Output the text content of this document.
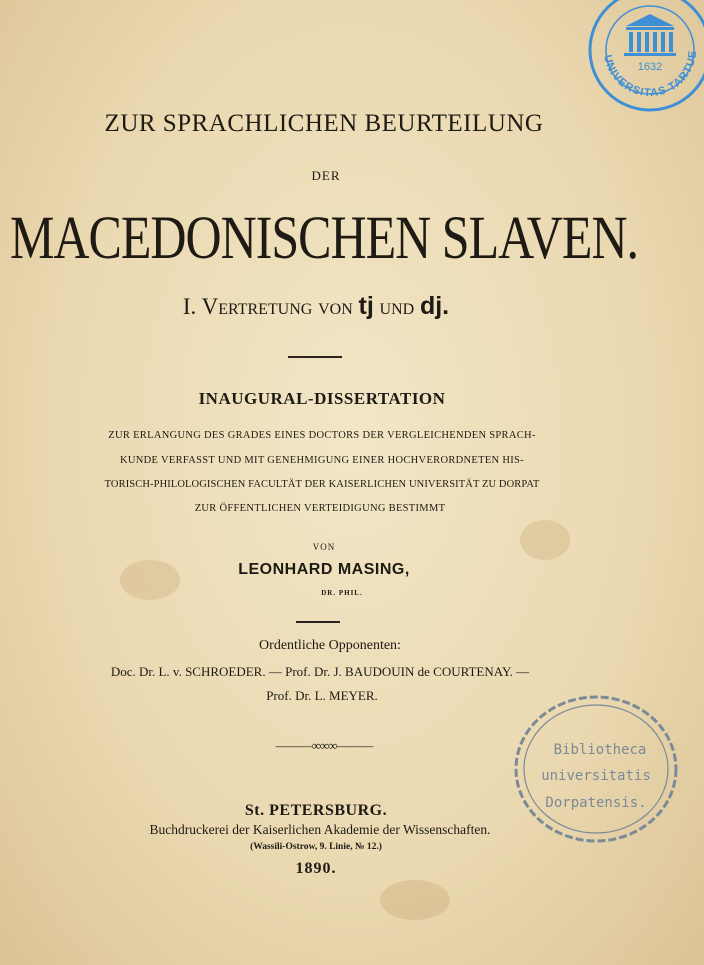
UNIVERSITAS TARTUE
1632
ZUR SPRACHLICHEN BEURTEILUNG
DER
MACEDONISCHEN SLAVEN.
I. Vertretung von tj und dj.
INAUGURAL-DISSERTATION
ZUR ERLANGUNG DES GRADES EINES DOCTORS DER VERGLEICHENDEN SPRACH-
KUNDE VERFASST UND MIT GENEHMIGUNG EINER HOCHVERORDNETEN HIS-
TORISCH-PHILOLOGISCHEN FACULTÄT DER KAISERLICHEN UNIVERSITÄT ZU DORPAT
ZUR ÖFFENTLICHEN VERTEIDIGUNG BESTIMMT
VON
LEONHARD MASING,
DR. PHIL.
Ordentliche Opponenten:
Doc. Dr. L. v. SCHROEDER. — Prof. Dr. J. BAUDOUIN de COURTENAY. —
Prof. Dr. L. MEYER.
———∞∞∞———	Bibliotheca
universitatis
Dorpatensis.
St. PETERSBURG.
Buchdruckerei der Kaiserlichen Akademie der Wissenschaften.
(Wassili-Ostrow, 9. Linie, № 12.)
1890.
